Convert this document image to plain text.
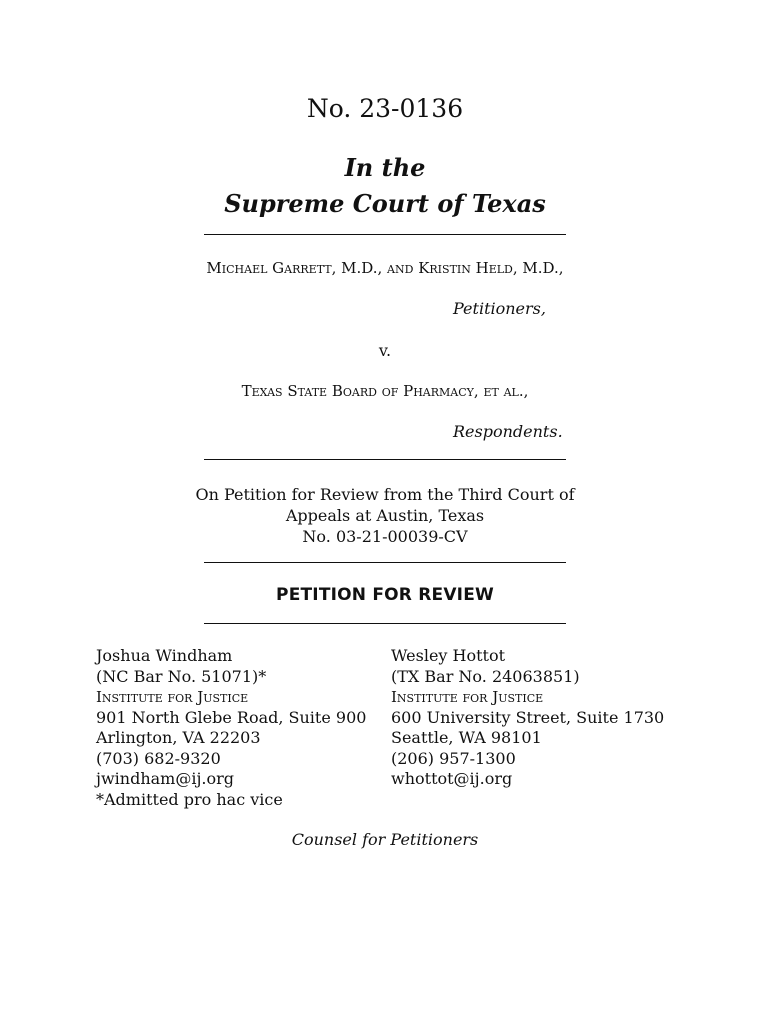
No. 23-0136
In the
Supreme Court of Texas
Michael Garrett, M.D., and Kristin Held, M.D.,
Petitioners,
v.
Texas State Board of Pharmacy, et al.,
Respondents.
On Petition for Review from the Third Court of
Appeals at Austin, Texas
No. 03-21-00039-CV
PETITION FOR REVIEW
Joshua Windham
(NC Bar No. 51071)*
Institute for Justice
901 North Glebe Road, Suite 900
Arlington, VA 22203
(703) 682-9320
jwindham@ij.org
*Admitted pro hac vice
Wesley Hottot
(TX Bar No. 24063851)
Institute for Justice
600 University Street, Suite 1730
Seattle, WA 98101
(206) 957-1300
whottot@ij.org
Counsel for Petitioners
